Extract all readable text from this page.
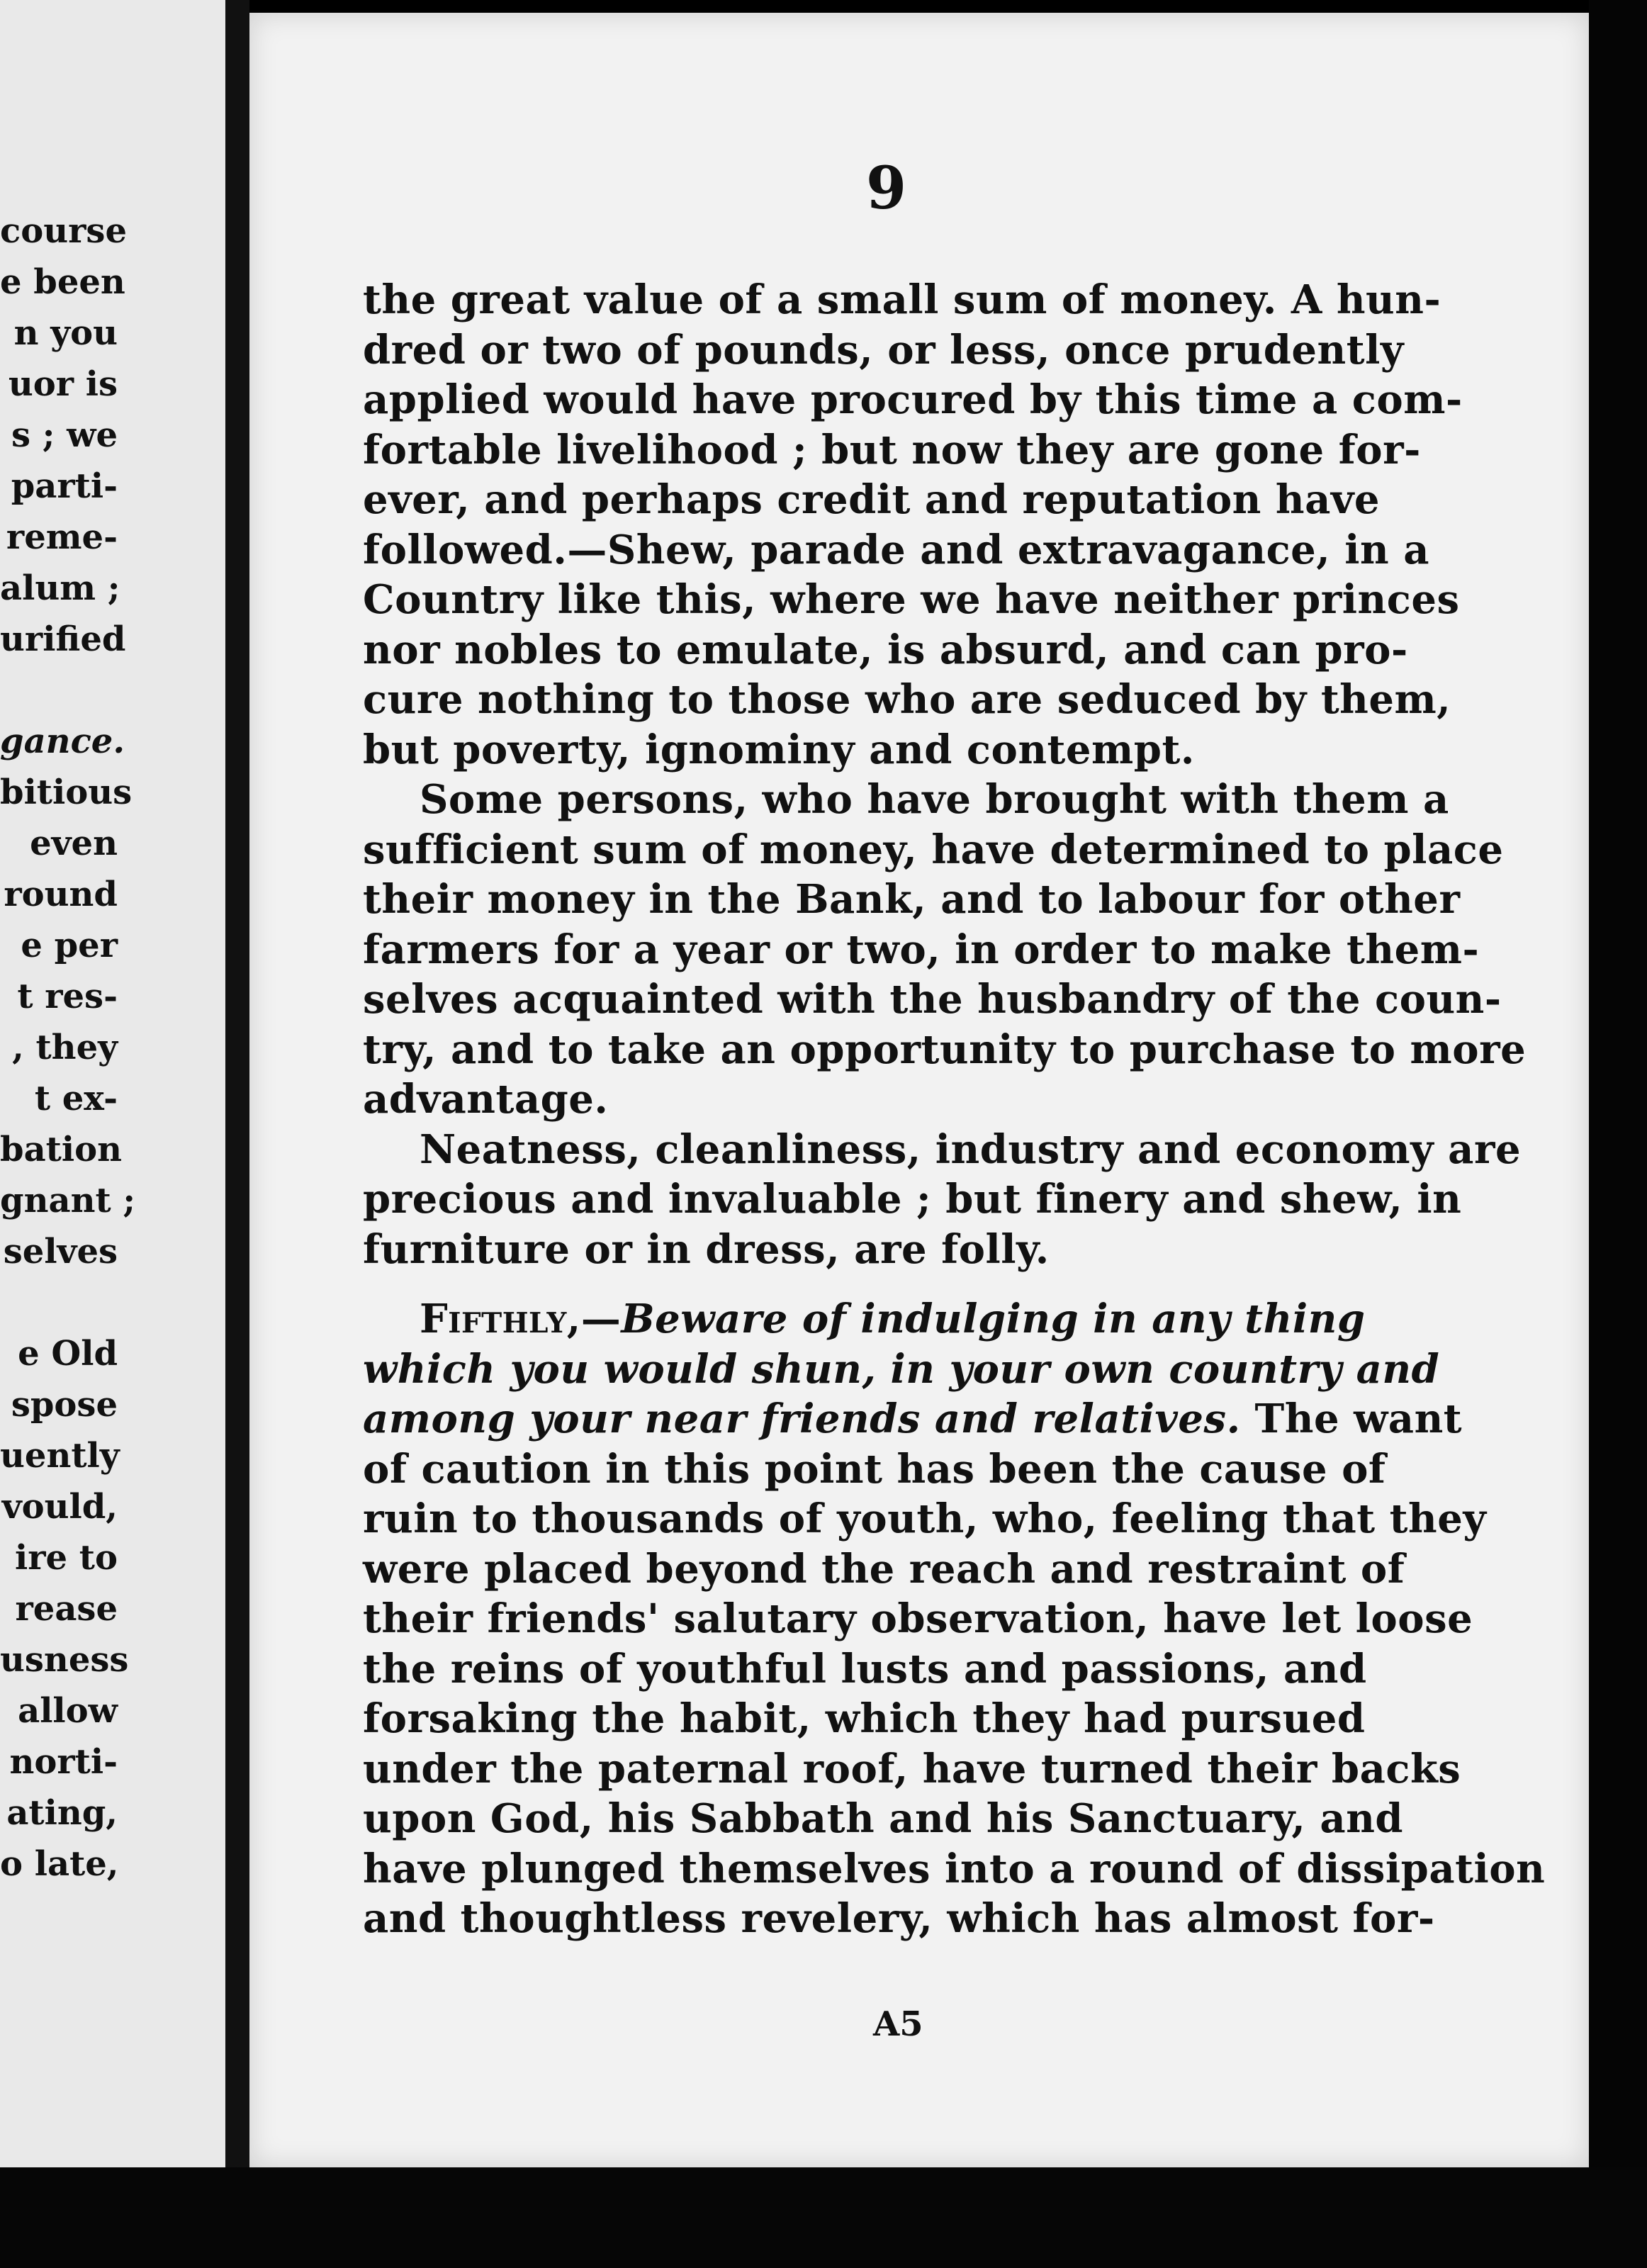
course
e been
n you
uor is
s ; we
parti-
reme-
alum ;
urified
gance.
bitious
even
round
e per
t res-
, they
t ex-
bation
gnant ;
selves
e Old
spose
uently
vould,
ire to
rease
usness
allow
norti-
ating,
o late,
9
the great value of a small sum of money. A hun-
dred or two of pounds, or less, once prudently
applied would have procured by this time a com-
fortable livelihood ; but now they are gone for-
ever, and perhaps credit and reputation have
followed.—Shew, parade and extravagance, in a
Country like this, where we have neither princes
nor nobles to emulate, is absurd, and can pro-
cure nothing to those who are seduced by them,
but poverty, ignominy and contempt.
Some persons, who have brought with them a
sufficient sum of money, have determined to place
their money in the Bank, and to labour for other
farmers for a year or two, in order to make them-
selves acquainted with the husbandry of the coun-
try, and to take an opportunity to purchase to more
advantage.
Neatness, cleanliness, industry and economy are
precious and invaluable ; but finery and shew, in
furniture or in dress, are folly.
Fifthly,—Beware of indulging in any thing
which you would shun, in your own country and
among your near friends and relatives. The want
of caution in this point has been the cause of
ruin to thousands of youth, who, feeling that they
were placed beyond the reach and restraint of
their friends' salutary observation, have let loose
the reins of youthful lusts and passions, and
forsaking the habit, which they had pursued
under the paternal roof, have turned their backs
upon God, his Sabbath and his Sanctuary, and
have plunged themselves into a round of dissipation
and thoughtless revelery, which has almost for-
A5
